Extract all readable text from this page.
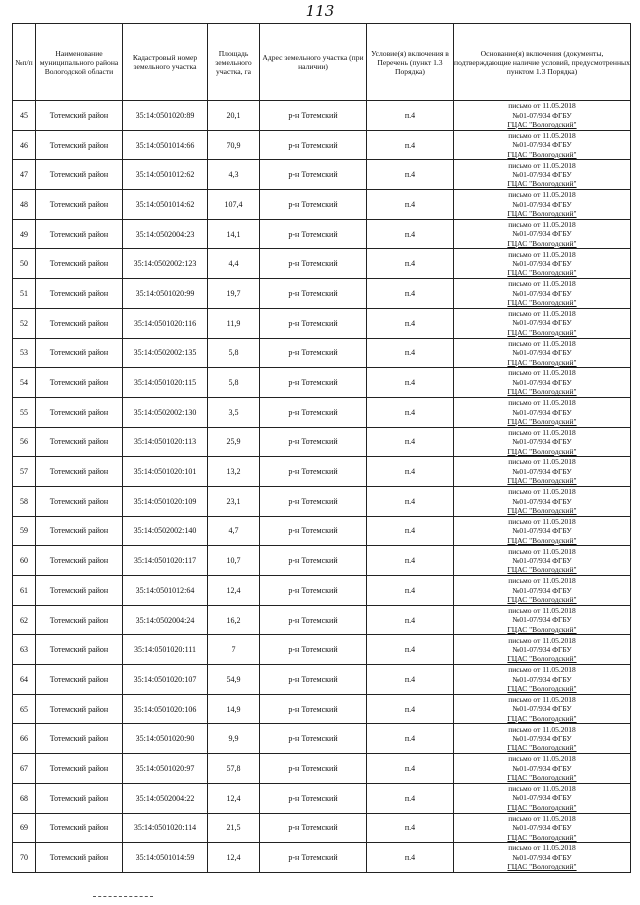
113
№п/п	Наименование муниципального района Вологодской области	Кадастровый номер земельного участка	Площадь земельного участка, га	Адрес земельного участка (при наличии)	Условие(я) включения в Перечень (пункт 1.3 Порядка)	Основание(я) включения (документы, подтверждающие наличие условий, предусмотренных пунктом 1.3 Порядка)
45	Тотемский район	35:14:0501020:89	20,1	р-н Тотемский	п.4	письмо от 11.05.2018
№01-07/934 ФГБУ
ГЦАС "Вологодский"

46	Тотемский район	35:14:0501014:66	70,9	р-н Тотемский	п.4	письмо от 11.05.2018
№01-07/934 ФГБУ
ГЦАС "Вологодский"

47	Тотемский район	35:14:0501012:62	4,3	р-н Тотемский	п.4	письмо от 11.05.2018
№01-07/934 ФГБУ
ГЦАС "Вологодский"

48	Тотемский район	35:14:0501014:62	107,4	р-н Тотемский	п.4	письмо от 11.05.2018
№01-07/934 ФГБУ
ГЦАС "Вологодский"

49	Тотемский район	35:14:0502004:23	14,1	р-н Тотемский	п.4	письмо от 11.05.2018
№01-07/934 ФГБУ
ГЦАС "Вологодский"

50	Тотемский район	35:14:0502002:123	4,4	р-н Тотемский	п.4	письмо от 11.05.2018
№01-07/934 ФГБУ
ГЦАС "Вологодский"

51	Тотемский район	35:14:0501020:99	19,7	р-н Тотемский	п.4	письмо от 11.05.2018
№01-07/934 ФГБУ
ГЦАС "Вологодский"

52	Тотемский район	35:14:0501020:116	11,9	р-н Тотемский	п.4	письмо от 11.05.2018
№01-07/934 ФГБУ
ГЦАС "Вологодский"

53	Тотемский район	35:14:0502002:135	5,8	р-н Тотемский	п.4	письмо от 11.05.2018
№01-07/934 ФГБУ
ГЦАС "Вологодский"

54	Тотемский район	35:14:0501020:115	5,8	р-н Тотемский	п.4	письмо от 11.05.2018
№01-07/934 ФГБУ
ГЦАС "Вологодский"

55	Тотемский район	35:14:0502002:130	3,5	р-н Тотемский	п.4	письмо от 11.05.2018
№01-07/934 ФГБУ
ГЦАС "Вологодский"

56	Тотемский район	35:14:0501020:113	25,9	р-н Тотемский	п.4	письмо от 11.05.2018
№01-07/934 ФГБУ
ГЦАС "Вологодский"

57	Тотемский район	35:14:0501020:101	13,2	р-н Тотемский	п.4	письмо от 11.05.2018
№01-07/934 ФГБУ
ГЦАС "Вологодский"

58	Тотемский район	35:14:0501020:109	23,1	р-н Тотемский	п.4	письмо от 11.05.2018
№01-07/934 ФГБУ
ГЦАС "Вологодский"

59	Тотемский район	35:14:0502002:140	4,7	р-н Тотемский	п.4	письмо от 11.05.2018
№01-07/934 ФГБУ
ГЦАС "Вологодский"

60	Тотемский район	35:14:0501020:117	10,7	р-н Тотемский	п.4	письмо от 11.05.2018
№01-07/934 ФГБУ
ГЦАС "Вологодский"

61	Тотемский район	35:14:0501012:64	12,4	р-н Тотемский	п.4	письмо от 11.05.2018
№01-07/934 ФГБУ
ГЦАС "Вологодский"

62	Тотемский район	35:14:0502004:24	16,2	р-н Тотемский	п.4	письмо от 11.05.2018
№01-07/934 ФГБУ
ГЦАС "Вологодский"

63	Тотемский район	35:14:0501020:111	7	р-н Тотемский	п.4	письмо от 11.05.2018
№01-07/934 ФГБУ
ГЦАС "Вологодский"

64	Тотемский район	35:14:0501020:107	54,9	р-н Тотемский	п.4	письмо от 11.05.2018
№01-07/934 ФГБУ
ГЦАС "Вологодский"

65	Тотемский район	35:14:0501020:106	14,9	р-н Тотемский	п.4	письмо от 11.05.2018
№01-07/934 ФГБУ
ГЦАС "Вологодский"

66	Тотемский район	35:14:0501020:90	9,9	р-н Тотемский	п.4	письмо от 11.05.2018
№01-07/934 ФГБУ
ГЦАС "Вологодский"

67	Тотемский район	35:14:0501020:97	57,8	р-н Тотемский	п.4	письмо от 11.05.2018
№01-07/934 ФГБУ
ГЦАС "Вологодский"

68	Тотемский район	35:14:0502004:22	12,4	р-н Тотемский	п.4	письмо от 11.05.2018
№01-07/934 ФГБУ
ГЦАС "Вологодский"

69	Тотемский район	35:14:0501020:114	21,5	р-н Тотемский	п.4	письмо от 11.05.2018
№01-07/934 ФГБУ
ГЦАС "Вологодский"

70	Тотемский район	35:14:0501014:59	12,4	р-н Тотемский	п.4	письмо от 11.05.2018
№01-07/934 ФГБУ
ГЦАС "Вологодский"
